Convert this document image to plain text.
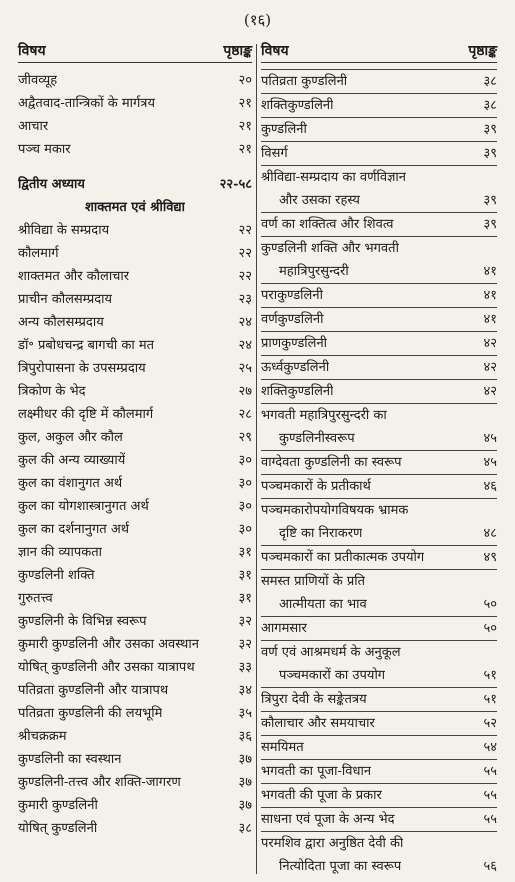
(१६)
विषय	पृष्ठाङ्क
जीवव्यूह	२०
अद्वैतवाद-तान्त्रिकों के मार्गत्रय	२१
आचार	२१
पञ्च मकार	२१
द्वितीय अध्याय	२२-५८
शाक्तमत एवं श्रीविद्या
श्रीविद्या के सम्प्रदाय	२२
कौलमार्ग	२२
शाक्तमत और कौलाचार	२२
प्राचीन कौलसम्प्रदाय	२३
अन्य कौलसम्प्रदाय	२४
डॉ॰ प्रबोधचन्द्र बागची का मत	२४
त्रिपुरोपासना के उपसम्प्रदाय	२५
त्रिकोण के भेद	२७
लक्ष्मीधर की दृष्टि में कौलमार्ग	२८
कुल, अकुल और कौल	२९
कुल की अन्य व्याख्यायें	३०
कुल का वंशानुगत अर्थ	३०
कुल का योगशास्त्रानुगत अर्थ	३०
कुल का दर्शनानुगत अर्थ	३०
ज्ञान की व्यापकता	३१
कुण्डलिनी शक्ति	३१
गुरुतत्त्व	३१
कुण्डलिनी के विभिन्न स्वरूप	३२
कुमारी कुण्डलिनी और उसका अवस्थान	३२
योषित् कुण्डलिनी और उसका यात्रापथ	३३
पतिव्रता कुण्डलिनी और यात्रापथ	३४
पतिव्रता कुण्डलिनी की लयभूमि	३५
श्रीचक्रक्रम	३६
कुण्डलिनी का स्वस्थान	३७
कुण्डलिनी-तत्त्व और शक्ति-जागरण	३७
कुमारी कुण्डलिनी	३७
योषित् कुण्डलिनी	३८
विषय	पृष्ठाङ्क
पतिव्रता कुण्डलिनी	३८
शक्तिकुण्डलिनी	३८
कुण्डलिनी	३९
विसर्ग	३९
श्रीविद्या-सम्प्रदाय का वर्णविज्ञान
और उसका रहस्य	३९
वर्ण का शक्तित्व और शिवत्व	३९
कुण्डलिनी शक्ति और भगवती
महात्रिपुरसुन्दरी	४१
पराकुण्डलिनी	४१
वर्णकुण्डलिनी	४१
प्राणकुण्डलिनी	४२
ऊर्ध्वकुण्डलिनी	४२
शक्तिकुण्डलिनी	४२
भगवती महात्रिपुरसुन्दरी का
कुण्डलिनीस्वरूप	४५
वाग्देवता कुण्डलिनी का स्वरूप	४५
पञ्चमकारों के प्रतीकार्थ	४६
पञ्चमकारोपयोगविषयक भ्रामक
दृष्टि का निराकरण	४८
पञ्चमकारों का प्रतीकात्मक उपयोग	४९
समस्त प्राणियों के प्रति
आत्मीयता का भाव	५०
आगमसार	५०
वर्ण एवं आश्रमधर्म के अनुकूल
पञ्चमकारों का उपयोग	५१
त्रिपुरा देवी के सङ्केतत्रय	५१
कौलाचार और समयाचार	५२
समयिमत	५४
भगवती का पूजा-विधान	५५
भगवती की पूजा के प्रकार	५५
साधना एवं पूजा के अन्य भेद	५५
परमशिव द्वारा अनुष्ठित देवी की
नित्योदिता पूजा का स्वरूप	५६
